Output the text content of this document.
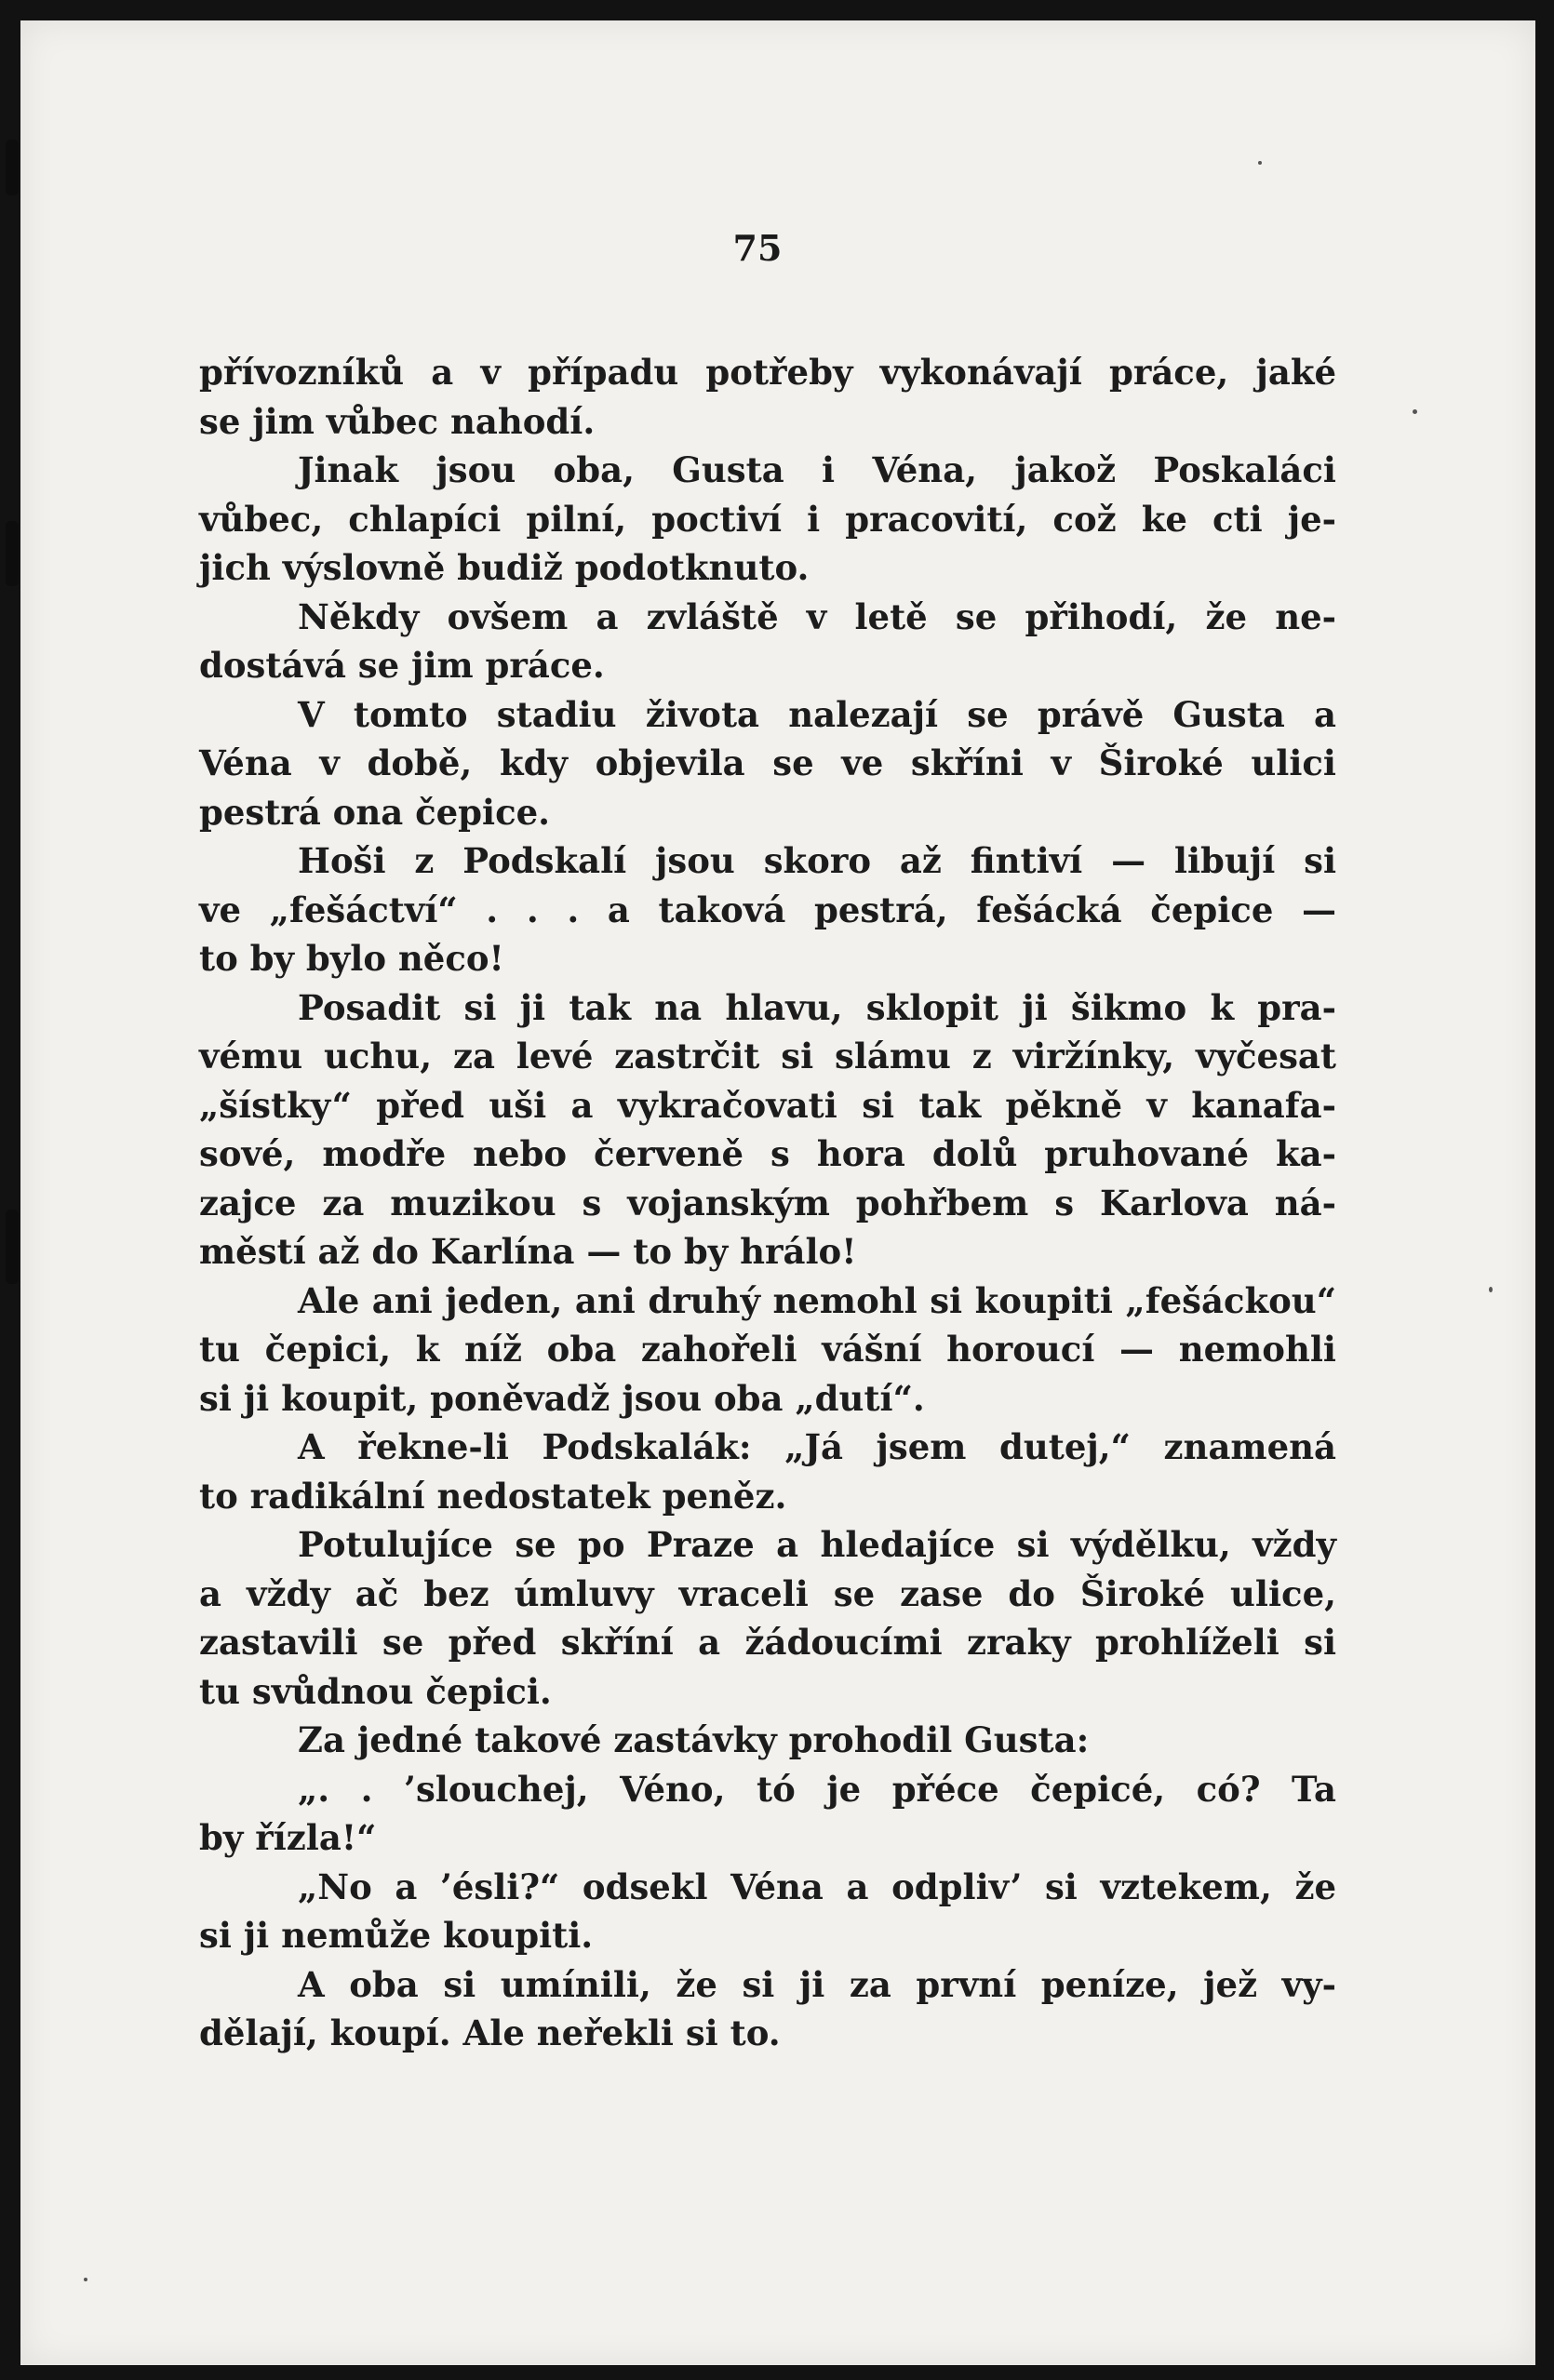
75
přívozníků a v případu potřeby vykonávají práce, jaké
se jim vůbec nahodí.
Jinak jsou oba, Gusta i Véna, jakož Poskaláci
vůbec, chlapíci pilní, poctiví i pracovití, což ke cti je-
jich výslovně budiž podotknuto.
Někdy ovšem a zvláště v letě se přihodí, že ne-
dostává se jim práce.
V tomto stadiu života nalezají se právě Gusta a
Véna v době, kdy objevila se ve skříni v Široké ulici
pestrá ona čepice.
Hoši z Podskalí jsou skoro až fintiví — libují si
ve „fešáctví“ . . . a taková pestrá, fešácká čepice —
to by bylo něco!
Posadit si ji tak na hlavu, sklopit ji šikmo k pra-
vému uchu, za levé zastrčit si slámu z viržínky, vyčesat
„šístky“ před uši a vykračovati si tak pěkně v kanafa-
sové, modře nebo červeně s hora dolů pruhované ka-
zajce za muzikou s vojanským pohřbem s Karlova ná-
městí až do Karlína — to by hrálo!
Ale ani jeden, ani druhý nemohl si koupiti „fešáckou“
tu čepici, k níž oba zahořeli vášní horoucí — nemohli
si ji koupit, poněvadž jsou oba „dutí“.
A řekne-li Podskalák: „Já jsem dutej,“ znamená
to radikální nedostatek peněz.
Potulujíce se po Praze a hledajíce si výdělku, vždy
a vždy ač bez úmluvy vraceli se zase do Široké ulice,
zastavili se před skříní a žádoucími zraky prohlíželi si
tu svůdnou čepici.
Za jedné takové zastávky prohodil Gusta:
„. . ’slouchej, Véno, tó je přéce čepicé, có? Ta
by řízla!“
„No a ’ésli?“ odsekl Véna a odpliv’ si vztekem, že
si ji nemůže koupiti.
A oba si umínili, že si ji za první peníze, jež vy-
dělají, koupí. Ale neřekli si to.
